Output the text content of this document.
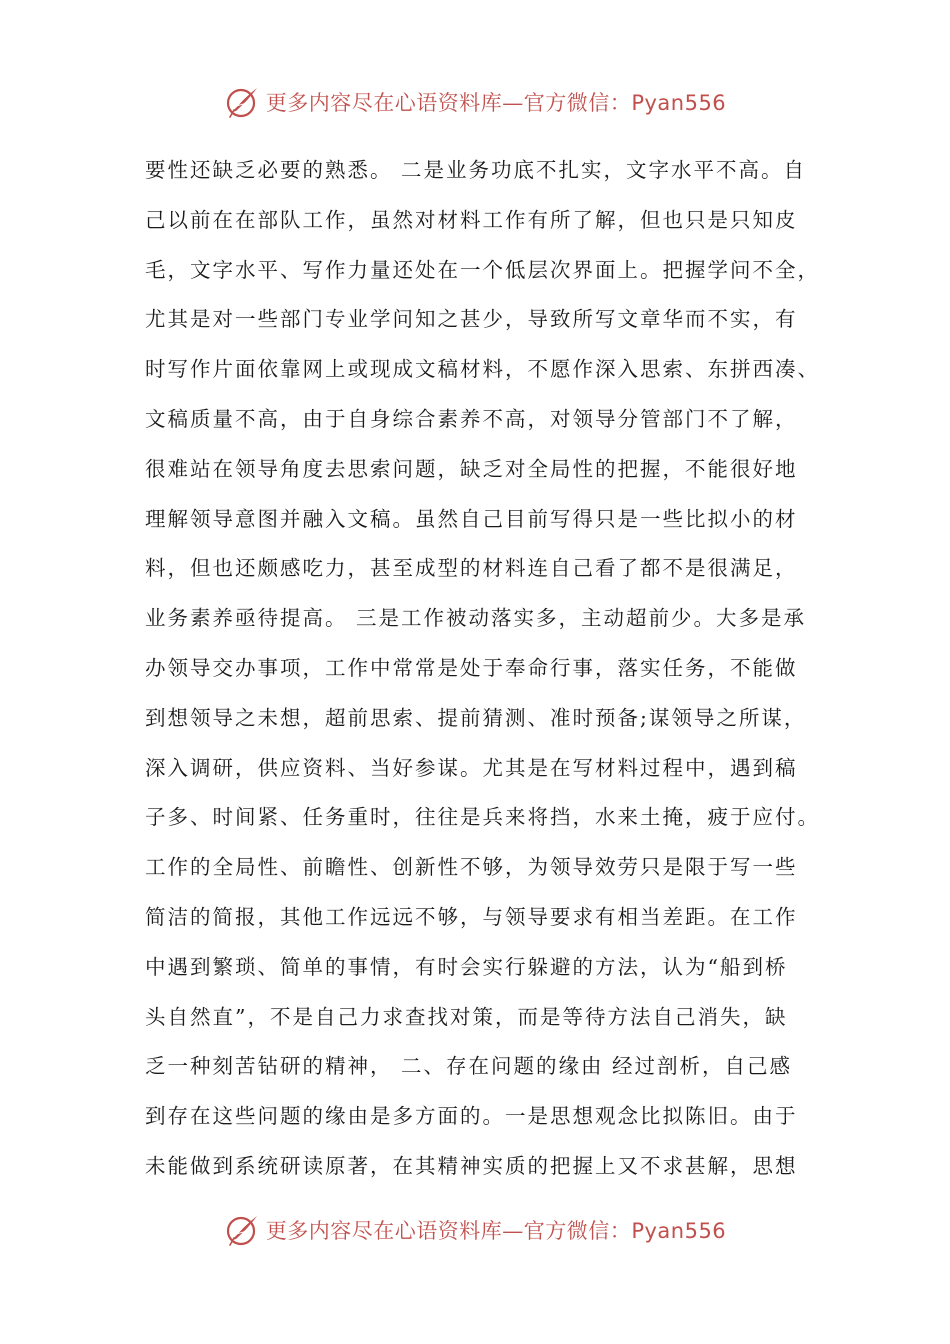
更多内容尽在心语资料库—官方微信：Pyan556
要性还缺乏必要的熟悉。 二是业务功底不扎实，文字水平不高。自
己以前在在部队工作，虽然对材料工作有所了解，但也只是只知皮
毛，文字水平、写作力量还处在一个低层次界面上。把握学问不全，
尤其是对一些部门专业学问知之甚少，导致所写文章华而不实，有
时写作片面依靠网上或现成文稿材料，不愿作深入思索、东拼西凑、
文稿质量不高，由于自身综合素养不高，对领导分管部门不了解，
很难站在领导角度去思索问题，缺乏对全局性的把握，不能很好地
理解领导意图并融入文稿。虽然自己目前写得只是一些比拟小的材
料，但也还颇感吃力，甚至成型的材料连自己看了都不是很满足，
业务素养亟待提高。 三是工作被动落实多，主动超前少。大多是承
办领导交办事项，工作中常常是处于奉命行事，落实任务，不能做
到想领导之未想，超前思索、提前猜测、准时预备;谋领导之所谋，
深入调研，供应资料、当好参谋。尤其是在写材料过程中，遇到稿
子多、时间紧、任务重时，往往是兵来将挡，水来土掩，疲于应付。
工作的全局性、前瞻性、创新性不够，为领导效劳只是限于写一些
简洁的简报，其他工作远远不够，与领导要求有相当差距。在工作
中遇到繁琐、简单的事情，有时会实行躲避的方法，认为“船到桥
头自然直”，不是自己力求查找对策，而是等待方法自己消失，缺
乏一种刻苦钻研的精神， 二、存在问题的缘由 经过剖析，自己感
到存在这些问题的缘由是多方面的。一是思想观念比拟陈旧。由于
未能做到系统研读原著，在其精神实质的把握上又不求甚解，思想
更多内容尽在心语资料库—官方微信：Pyan556
